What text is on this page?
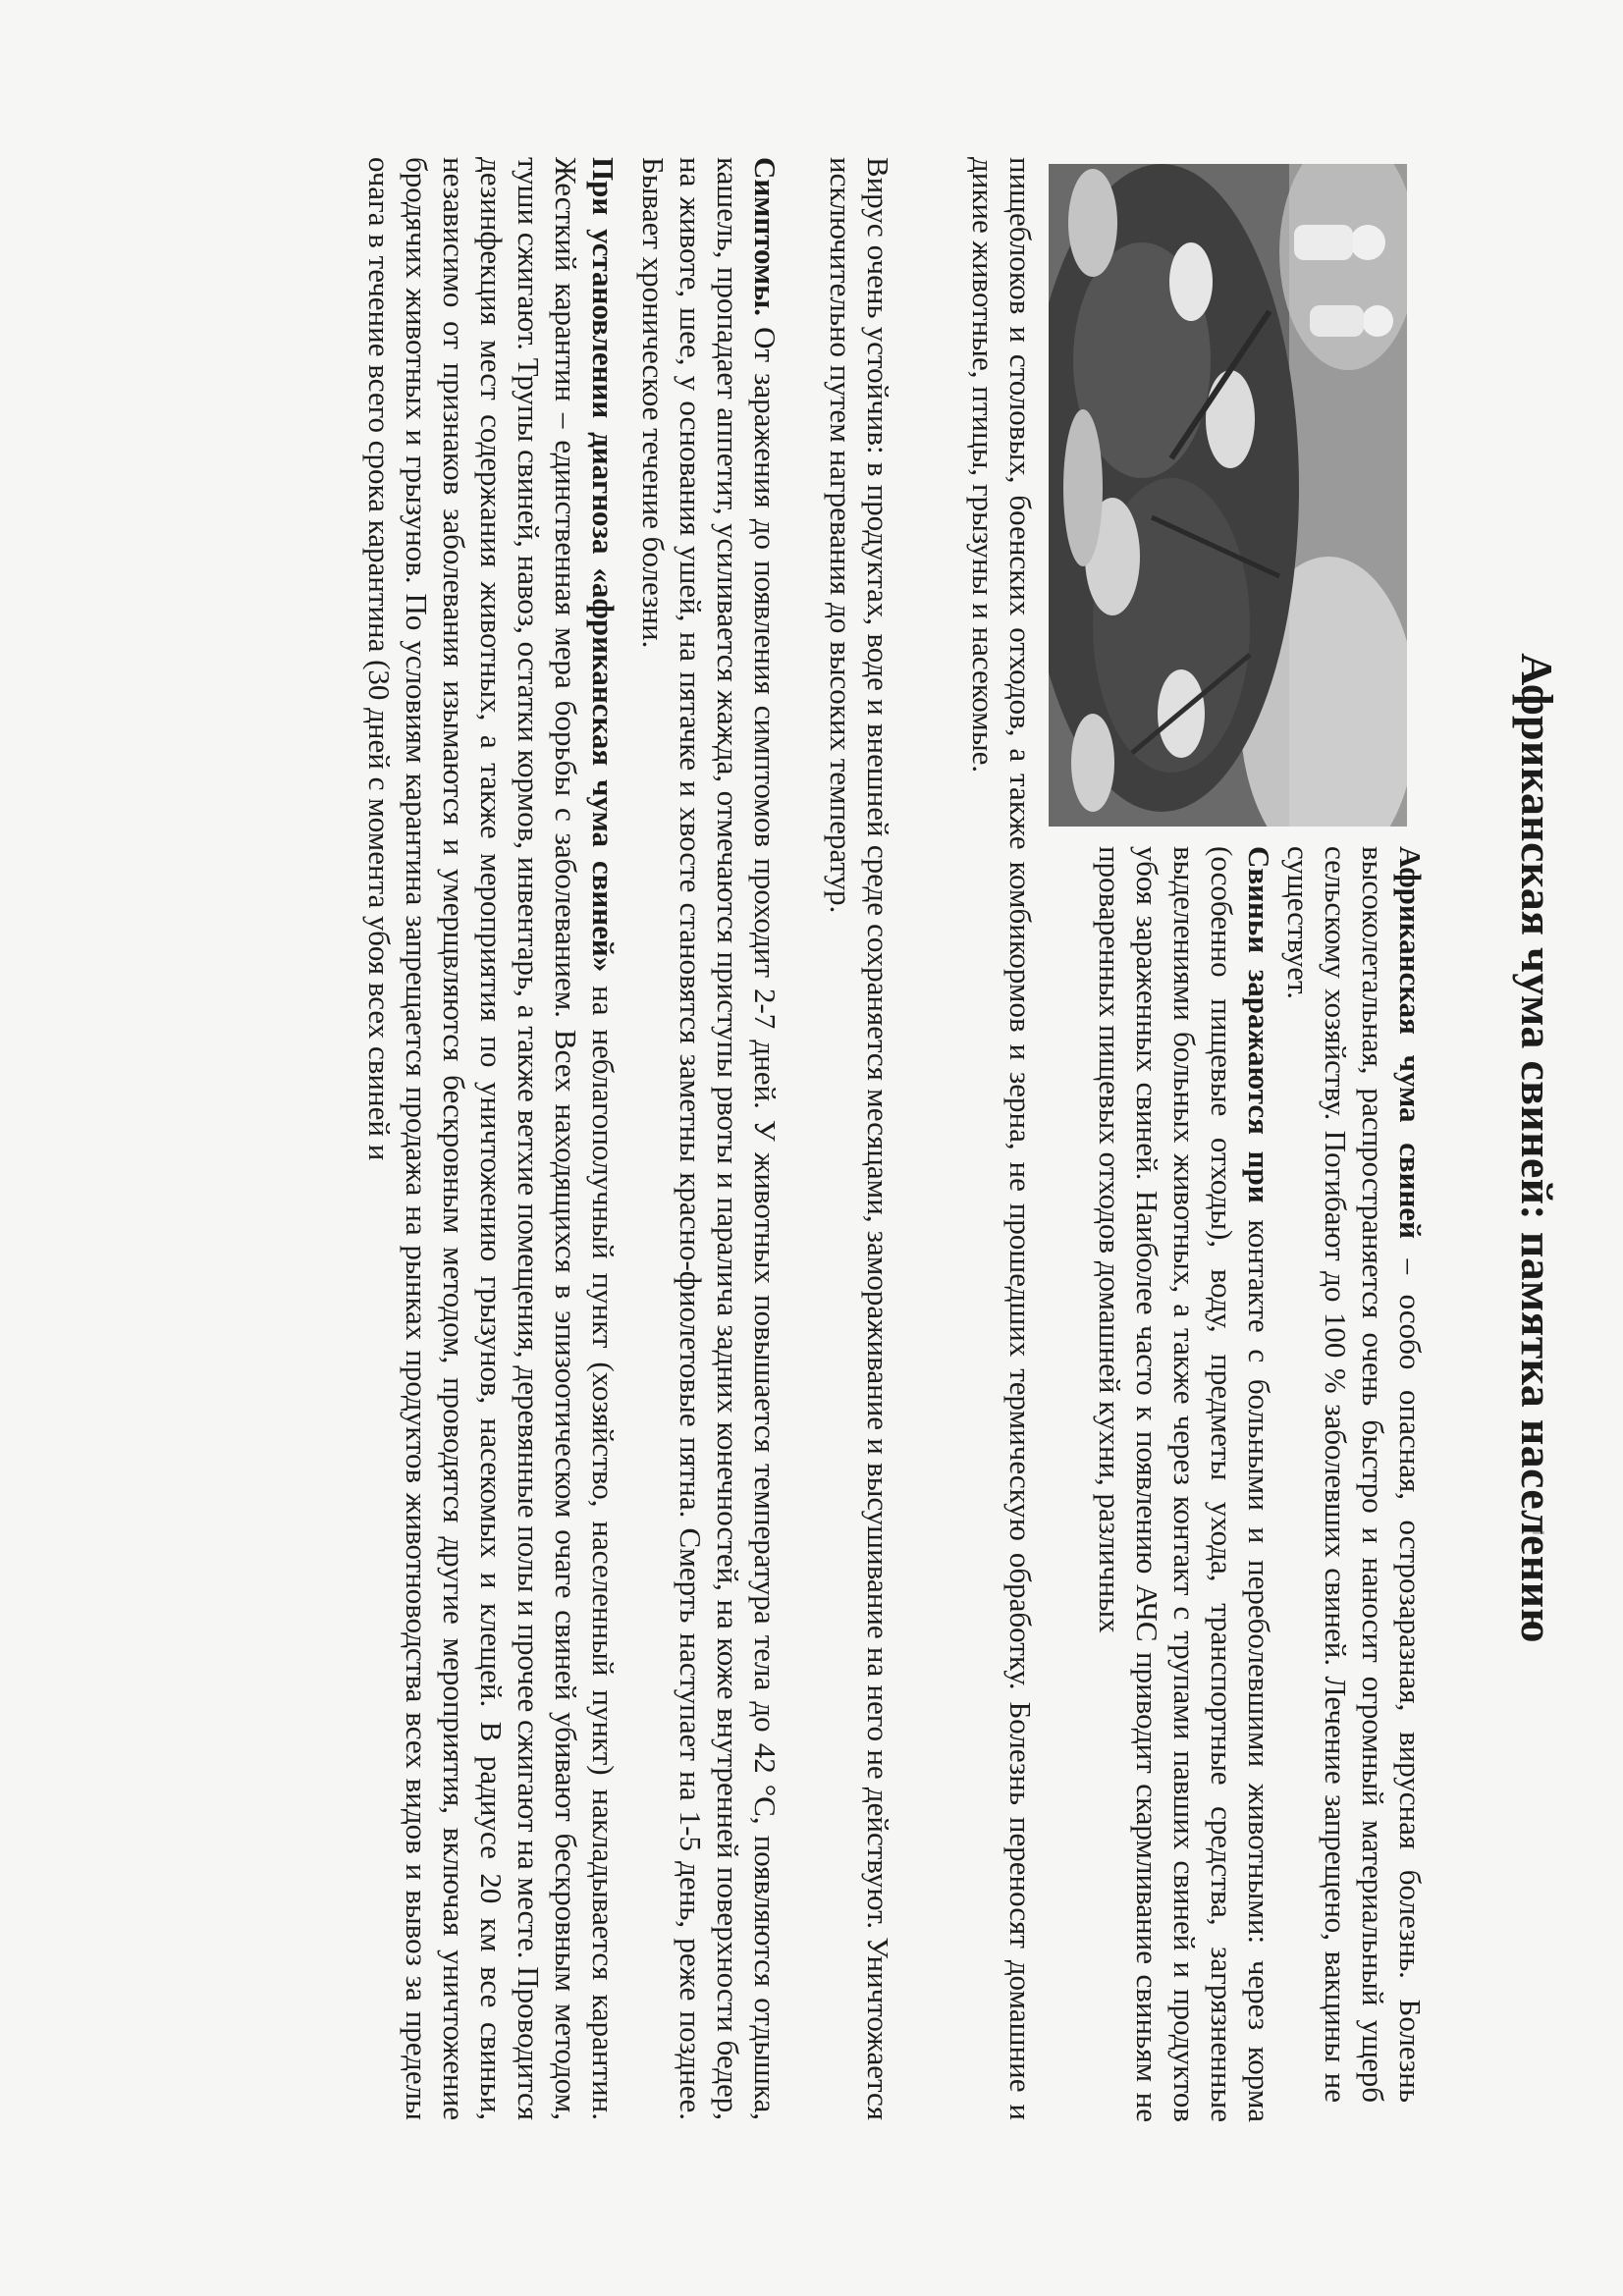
Африканская чума свиней: памятка населению

Африканская чума свиней – особо опасная, острозаразная, вирусная болезнь. Болезнь высоколетальная, распространяется очень быстро и наносит огромный материальный ущерб сельскому хозяйству. Погибают до 100 % заболевших свиней. Лечение запрещено, вакцины не существует.

Свиньи заражаются при контакте с больными и переболевшими животными: через корма (особенно пищевые отходы), воду, предметы ухода, транспортные средства, загрязненные выделениями больных животных, а также через контакт с трупами павших свиней и продуктов убоя зараженных свиней. Наиболее часто к появлению АЧС приводит скармливание свиньям не проваренных пищевых отходов домашней кухни, различных

пищеблоков и столовых, боенских отходов, а также комбикормов и зерна, не прошедших термическую обработку. Болезнь переносят домашние и дикие животные, птицы, грызуны и насекомые.

Вирус очень устойчив: в продуктах, воде и внешней среде сохраняется месяцами, замораживание и высушивание на него не действуют. Уничтожается исключительно путем нагревания до высоких температур.

Симптомы. От заражения до появления симптомов проходит 2-7 дней. У животных повышается температура тела до 42 °С, появляются отдышка, кашель, пропадает аппетит, усиливается жажда, отмечаются приступы рвоты и паралича задних конечностей, на коже внутренней поверхности бедер, на животе, шее, у основания ушей, на пятачке и хвосте становятся заметны красно-фиолетовые пятна. Смерть наступает на 1-5 день, реже позднее. Бывает хроническое течение болезни.

При установлении диагноза «африканская чума свиней» на неблагополучный пункт (хозяйство, населенный пункт) накладывается карантин. Жесткий карантин – единственная мера борьбы с заболеванием. Всех находящихся в эпизоотическом очаге свиней убивают бескровным методом, туши сжигают. Трупы свиней, навоз, остатки кормов, инвентарь, а также ветхие помещения, деревянные полы и прочее сжигают на месте. Проводится дезинфекция мест содержания животных, а также мероприятия по уничтожению грызунов, насекомых и клещей. В радиусе 20 км все свиньи, независимо от признаков заболевания изымаются и умерщвляются бескровным методом, проводятся другие мероприятия, включая уничтожение бродячих животных и грызунов. По условиям карантина запрещается продажа на рынках продуктов животноводства всех видов и вывоз за пределы очага в течение всего срока карантина (30 дней с момента убоя всех свиней и
